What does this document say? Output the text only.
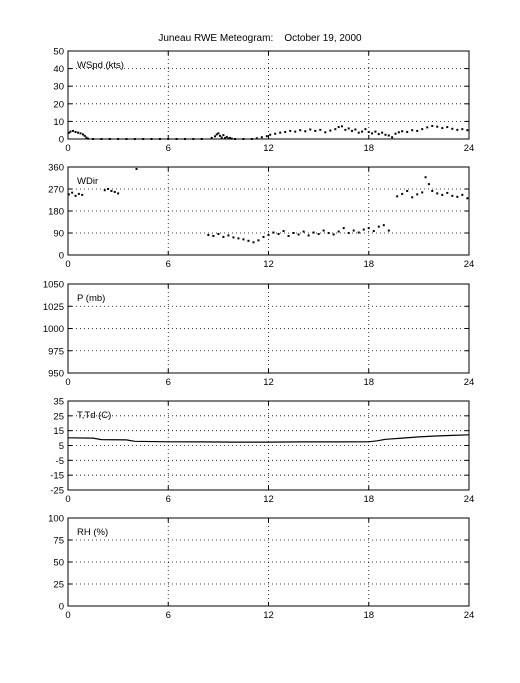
Juneau RWE Meteogram:    October 19, 2000
0
10
20
30
40
50
0	6	12	18	24
WSpd (kts)
0
90
180
270
360
0	6	12	18	24
WDir
950
975
1000
1025
1050
0	6	12	18	24
P (mb)
-25
-15
-5
5
15
25
35
0	6	12	18	24
T,Td (C)
0
25
50
75
100
0	6	12	18	24
RH (%)
